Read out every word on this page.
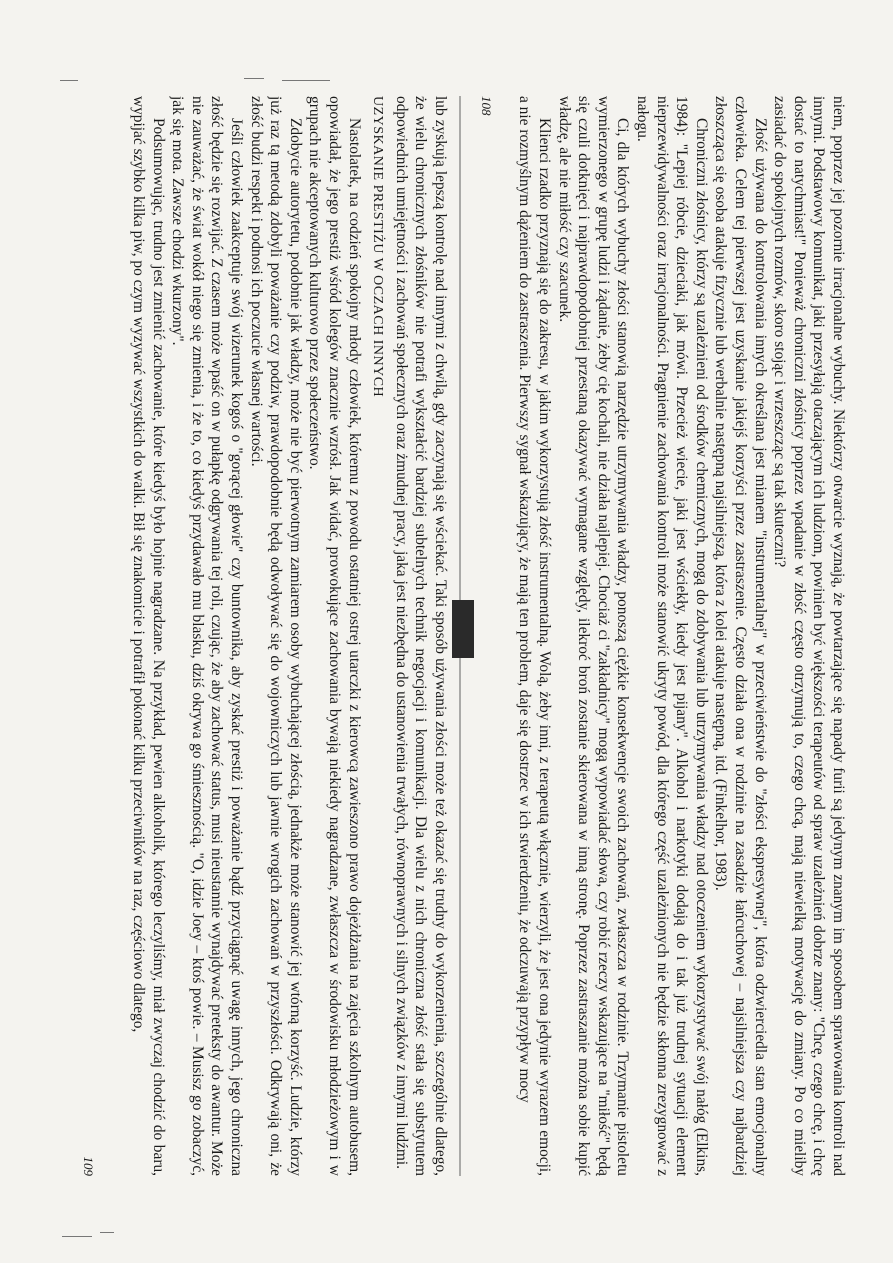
niem, poprzez jej pozornie irracjonalne wybuchy. Niektórzy otwarcie wyznają, że powtarzające się napady furii są jedynym znanym im sposobem sprawowania kontroli nad innymi. Podstawowy komunikat, jaki przesyłają otaczającym ich ludziom, powinien być większości terapeutów od spraw uzależnień dobrze znany: "Chcę, czego chcę, i chcę dostać to natychmiast!" Ponieważ chroniczni złośnicy poprzez wpadanie w złość często otrzymują to, czego chcą, mają niewielką motywację do zmiany. Po co mieliby zasiadać do spokojnych rozmów, skoro stojąc i wrzeszcząc są tak skuteczni?

Złość używana do kontrolowania innych określana jest mianem "instrumentalnej" w przeciwieństwie do "złości ekspresywnej", która odzwierciedla stan emocjonalny człowieka. Celem tej pierwszej jest uzyskanie jakiejś korzyści przez zastraszenie. Często działa ona w rodzinie na zasadzie łańcuchowej – najsilniejsza czy najbardziej złoszcząca się osoba atakuje fizycznie lub werbalnie następną najsilniejszą, która z kolei atakuje następną, itd. (Finkelhor, 1983).

Chroniczni złośnicy, którzy są uzależnieni od środków chemicznych, mogą do zdobywania lub utrzymywania władzy nad otoczeniem wykorzystywać swój nałóg (Elkins, 1984): "Lepiej róbcie, dzieciaki, jak mówi. Przecież wiecie, jaki jest wściekły, kiedy jest pijany". Alkohol i narkotyki dodają do i tak już trudnej sytuacji element nieprzewidywalności oraz irracjonalności. Pragnienie zachowania kontroli może stanowić ukryty powód, dla którego część uzależnionych nie będzie skłonna zrezygnować z nałogu.

Ci, dla których wybuchy złości stanowią narzędzie utrzymywania władzy, ponoszą ciężkie konsekwencje swoich zachowań, zwłaszcza w rodzinie. Trzymanie pistoletu wymierzonego w grupę ludzi i żądanie, żeby cię kochali, nie działa najlepiej. Chociaż ci "zakładnicy" mogą wypowiadać słowa, czy robić rzeczy wskazujące na "miłość" będą się czuli dotknięci i najprawdopodobniej przestaną okazywać wymagane względy, ilekroć broń zostanie skierowana w inną stronę. Poprzez zastraszanie można sobie kupić władzę, ale nie miłość czy szacunek.

Klienci rzadko przyznają się do zakresu, w jakim wykorzystują złość instrumentalną. Wolą, żeby inni, z terapeutą włącznie, wierzyli, że jest ona jedynie wyrazem emocji, a nie rozmyślnym dążeniem do zastraszenia. Pierwszy sygnał wskazujący, że mają ten problem, daje się dostrzec w ich stwierdzeniu, że odczuwają przypływ mocy

108

lub zyskują lepszą kontrolę nad innymi z chwilą, gdy zaczynają się wściekać. Taki sposób używania złości może też okazać się trudny do wykorzenienia, szczególnie dlatego, że wielu chronicznych złośników nie potrafi wykształcić bardziej subtelnych technik negocjacji i komunikacji. Dla wielu z nich chroniczna złość stała się substytutem odpowiednich umiejętności i zachowań społecznych oraz żmudnej pracy, jaka jest niezbędna do ustanowienia trwałych, równoprawnych i silnych związków z innymi ludźmi.

UZYSKANIE PRESTIŻU W OCZACH INNYCH

Nastolatek, na codzień spokojny młody człowiek, któremu z powodu ostatniej ostrej utarczki z kierowcą zawieszono prawo dojeżdżania na zajęcia szkolnym autobusem, opowiadał, że jego prestiż wśród kolegów znacznie wzrósł. Jak widać, prowokujące zachowania bywają niekiedy nagradzane, zwłaszcza w środowisku młodzieżowym i w grupach nie akceptowanych kulturowo przez społeczeństwo.

Zdobycie autorytetu, podobnie jak władzy, może nie być pierwotnym zamiarem osoby wybuchającej złością, jednakże może stanowić jej wtórną korzyść. Ludzie, którzy już raz tą metodą zdobyli poważanie czy podziw, prawdopodobnie będą odwoływać się do wojowniczych lub jawnie wrogich zachowań w przyszłości. Odkrywają oni, że złość budzi respekt i podnosi ich poczucie własnej wartości.

Jeśli człowiek zaakceptuje swój wizerunek kogoś o "gorącej głowie" czy buntownika, aby zyskać prestiż i poważanie bądź przyciągnąć uwagę innych, jego chroniczna złość będzie się rozwijać. Z czasem może wpaść on w pułapkę odgrywania tej roli, czując, że aby zachować status, musi nieustannie wynajdywać preteksty do awantur. Może nie zauważać, że świat wokół niego się zmienia, i że to, co kiedyś przydawało mu blasku, dziś okrywa go śmiesznością. "O, idzie Joey – ktoś powie. – Musisz go zobaczyć, jak się mota. Zawsze chodzi wkurzony".

Podsumowując, trudno jest zmienić zachowanie, które kiedyś było hojnie nagradzane. Na przykład, pewien alkoholik, którego leczyliśmy, miał zwyczaj chodzić do baru, wypijać szybko kilka piw, po czym wyzywać wszystkich do walki. Bił się znakomicie i potrafił pokonać kilku przeciwników na raz, częściowo dlatego,

109
